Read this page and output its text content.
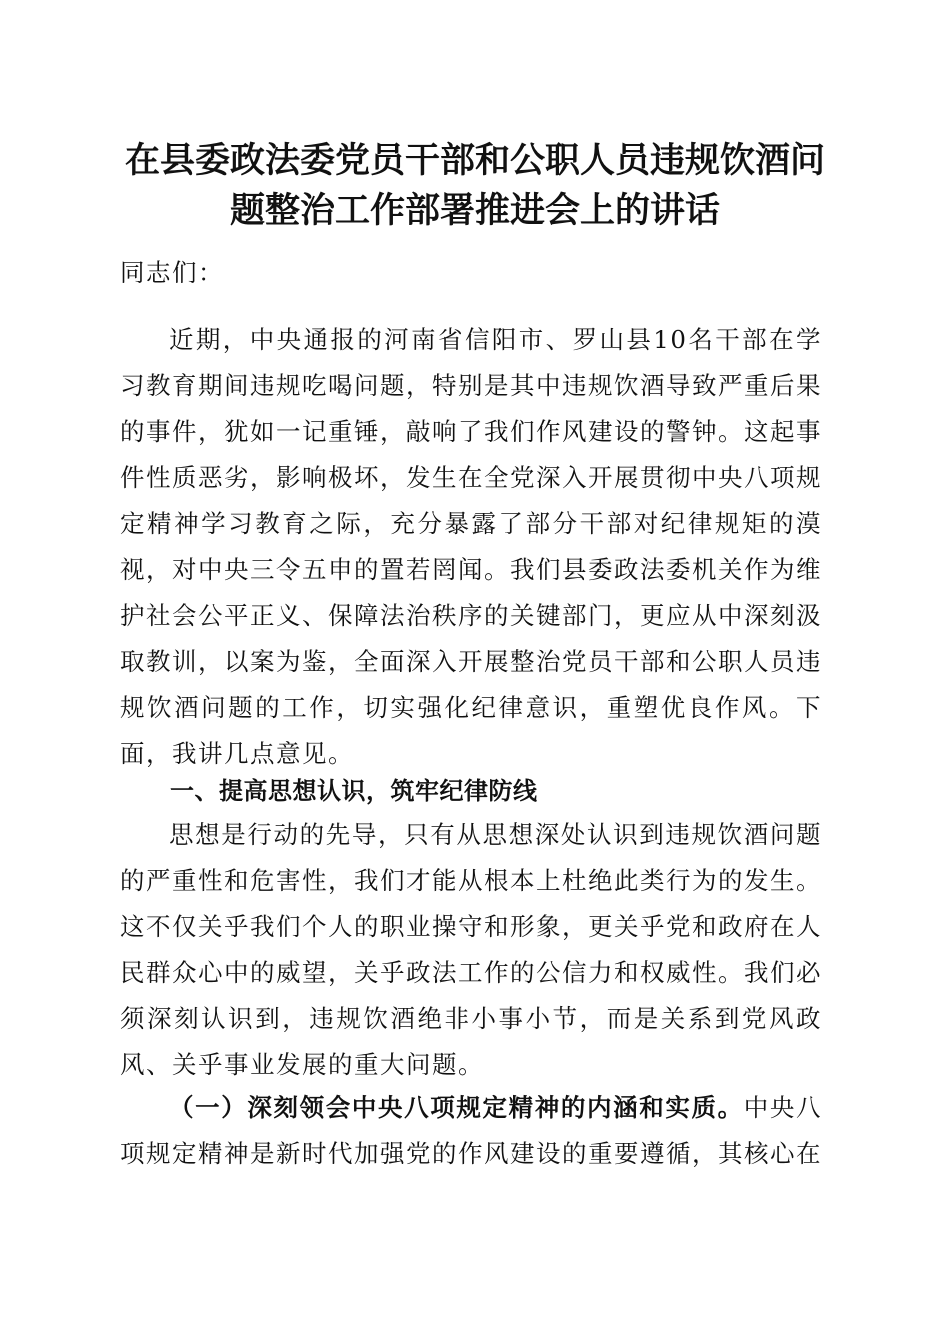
在县委政法委党员干部和公职人员违规饮酒问
题整治工作部署推进会上的讲话

同志们：

近期，中央通报的河南省信阳市、罗山县10名干部在学习教育期间违规吃喝问题，特别是其中违规饮酒导致严重后果的事件，犹如一记重锤，敲响了我们作风建设的警钟。这起事件性质恶劣，影响极坏，发生在全党深入开展贯彻中央八项规定精神学习教育之际，充分暴露了部分干部对纪律规矩的漠视，对中央三令五申的置若罔闻。我们县委政法委机关作为维护社会公平正义、保障法治秩序的关键部门，更应从中深刻汲取教训，以案为鉴，全面深入开展整治党员干部和公职人员违规饮酒问题的工作，切实强化纪律意识，重塑优良作风。下面，我讲几点意见。

一、提高思想认识，筑牢纪律防线

思想是行动的先导，只有从思想深处认识到违规饮酒问题的严重性和危害性，我们才能从根本上杜绝此类行为的发生。这不仅关乎我们个人的职业操守和形象，更关乎党和政府在人民群众心中的威望，关乎政法工作的公信力和权威性。我们必须深刻认识到，违规饮酒绝非小事小节，而是关系到党风政风、关乎事业发展的重大问题。

（一）深刻领会中央八项规定精神的内涵和实质。中央八项规定精神是新时代加强党的作风建设的重要遵循，其核心在
